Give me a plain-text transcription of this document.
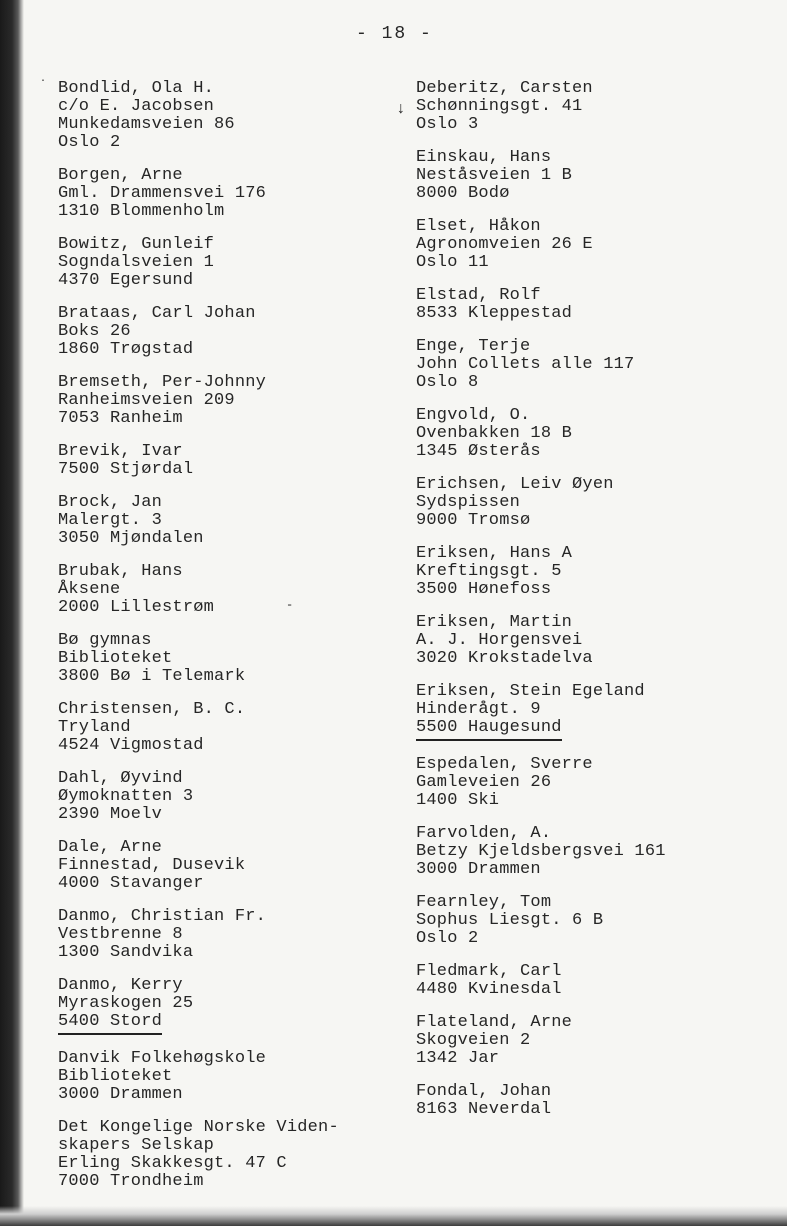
- 18 -
·
↓
-
Bondlid, Ola H.
c/o E. Jacobsen
Munkedamsveien 86
Oslo 2
Borgen, Arne
Gml. Drammensvei 176
1310 Blommenholm
Bowitz, Gunleif
Sogndalsveien 1
4370 Egersund
Brataas, Carl Johan
Boks 26
1860 Trøgstad
Bremseth, Per-Johnny
Ranheimsveien 209
7053 Ranheim
Brevik, Ivar
7500 Stjørdal
Brock, Jan
Malergt. 3
3050 Mjøndalen
Brubak, Hans
Åksene
2000 Lillestrøm
Bø gymnas
Biblioteket
3800 Bø i Telemark
Christensen, B. C.
Tryland
4524 Vigmostad
Dahl, Øyvind
Øymoknatten 3
2390 Moelv
Dale, Arne
Finnestad, Dusevik
4000 Stavanger
Danmo, Christian Fr.
Vestbrenne 8
1300 Sandvika
Danmo, Kerry
Myraskogen 25
5400 Stord
Danvik Folkehøgskole
Biblioteket
3000 Drammen
Det Kongelige Norske Viden-
skapers Selskap
Erling Skakkesgt. 47 C
7000 Trondheim
Deberitz, Carsten
Schønningsgt. 41
Oslo 3
Einskau, Hans
Neståsveien 1 B
8000 Bodø
Elset, Håkon
Agronomveien 26 E
Oslo 11
Elstad, Rolf
8533 Kleppestad
Enge, Terje
John Collets alle 117
Oslo 8
Engvold, O.
Ovenbakken 18 B
1345 Østerås
Erichsen, Leiv Øyen
Sydspissen
9000 Tromsø
Eriksen, Hans A
Kreftingsgt. 5
3500 Hønefoss
Eriksen, Martin
A. J. Horgensvei
3020 Krokstadelva
Eriksen, Stein Egeland
Hinderågt. 9
5500 Haugesund
Espedalen, Sverre
Gamleveien 26
1400 Ski
Farvolden, A.
Betzy Kjeldsbergsvei 161
3000 Drammen
Fearnley, Tom
Sophus Liesgt. 6 B
Oslo 2
Fledmark, Carl
4480 Kvinesdal
Flateland, Arne
Skogveien 2
1342 Jar
Fondal, Johan
8163 Neverdal
